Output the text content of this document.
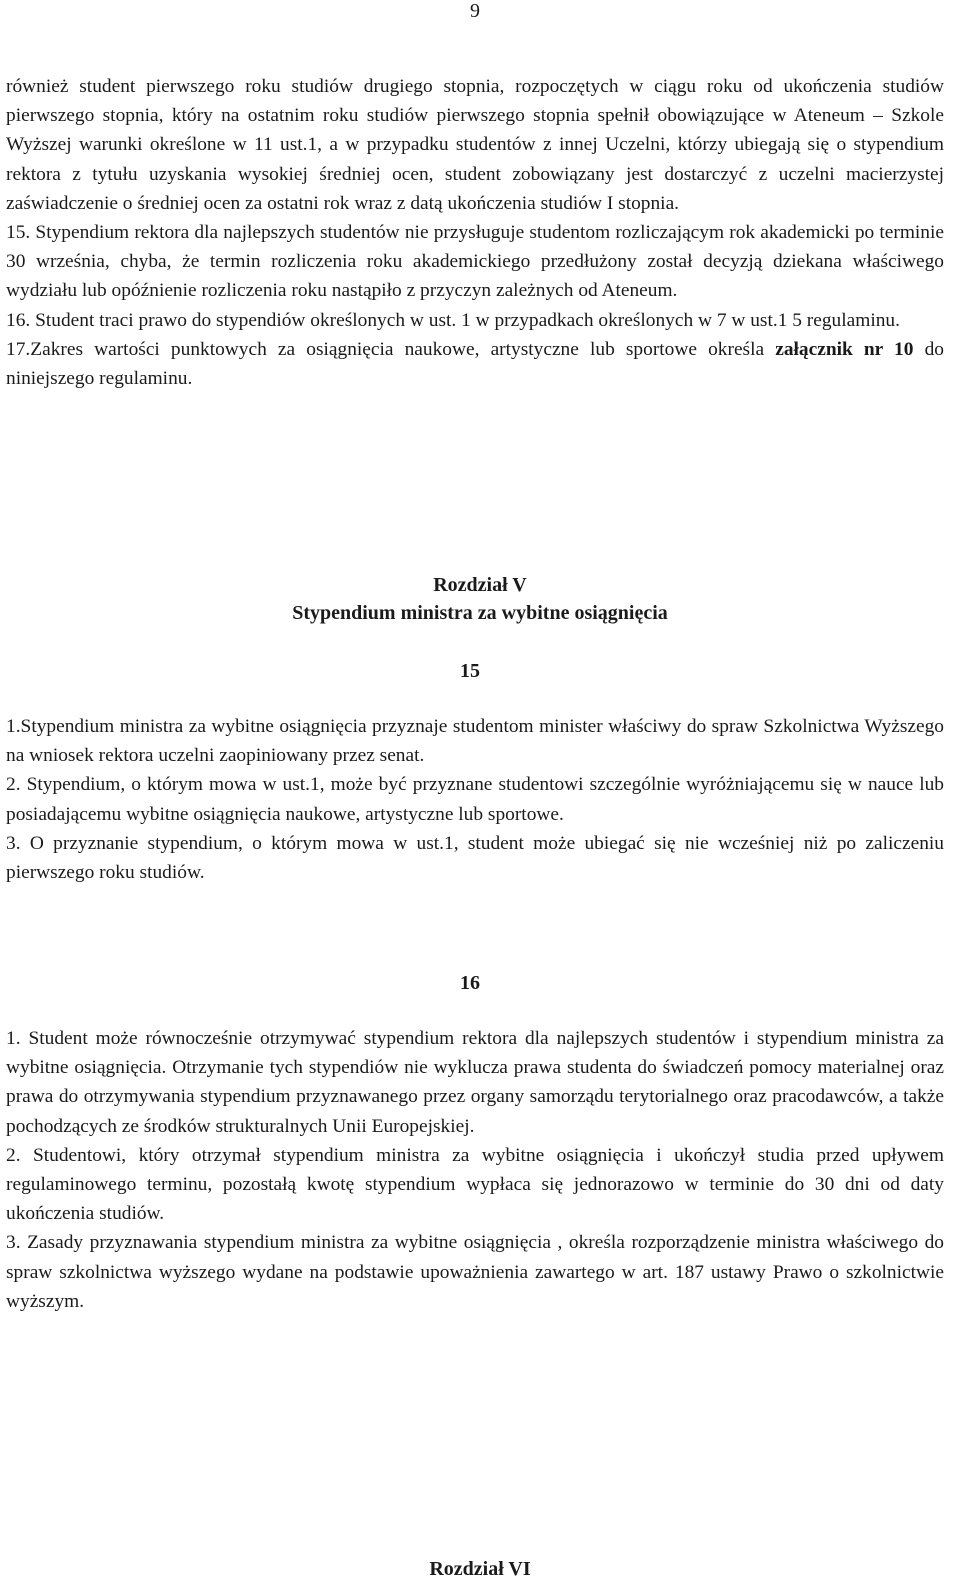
9

również student pierwszego roku studiów drugiego stopnia, rozpoczętych w ciągu roku od ukończenia studiów pierwszego stopnia, który na ostatnim roku studiów pierwszego stopnia spełnił obowiązujące w Ateneum – Szkole Wyższej warunki określone w 11 ust.1, a w przypadku studentów z innej Uczelni, którzy ubiegają się o stypendium rektora z tytułu uzyskania wysokiej średniej ocen, student zobowiązany jest dostarczyć z uczelni macierzystej zaświadczenie o średniej ocen za ostatni rok wraz z datą ukończenia studiów I stopnia.

15. Stypendium rektora dla najlepszych studentów nie przysługuje studentom rozliczającym rok akademicki po terminie 30 września, chyba, że termin rozliczenia roku akademickiego przedłużony został decyzją dziekana właściwego wydziału lub opóźnienie rozliczenia roku nastąpiło z przyczyn zależnych od Ateneum.

16. Student traci prawo do stypendiów określonych w ust. 1 w przypadkach określonych w 7 w ust.1 5 regulaminu.

17.Zakres wartości punktowych za osiągnięcia naukowe, artystyczne lub sportowe określa załącznik nr 10 do niniejszego regulaminu.

Rozdział V
Stypendium ministra za wybitne osiągnięcia
15

1.Stypendium ministra za wybitne osiągnięcia przyznaje studentom minister właściwy do spraw Szkolnictwa Wyższego na wniosek rektora uczelni zaopiniowany przez senat.

2. Stypendium, o którym mowa w ust.1, może być przyznane studentowi szczególnie wyróżniającemu się w nauce lub posiadającemu wybitne osiągnięcia naukowe, artystyczne lub sportowe.

3. O przyznanie stypendium, o którym mowa w ust.1, student może ubiegać się nie wcześniej niż po zaliczeniu pierwszego roku studiów.

16

1. Student może równocześnie otrzymywać stypendium rektora dla najlepszych studentów i stypendium ministra za wybitne osiągnięcia. Otrzymanie tych stypendiów nie wyklucza prawa studenta do świadczeń pomocy materialnej oraz prawa do otrzymywania stypendium przyznawanego przez organy samorządu terytorialnego oraz pracodawców, a także pochodzących ze środków strukturalnych Unii Europejskiej.

2. Studentowi, który otrzymał stypendium ministra za wybitne osiągnięcia i ukończył studia przed upływem regulaminowego terminu, pozostałą kwotę stypendium wypłaca się jednorazowo w terminie do 30 dni od daty ukończenia studiów.

3. Zasady przyznawania stypendium ministra za wybitne osiągnięcia , określa rozporządzenie ministra właściwego do spraw szkolnictwa wyższego wydane na podstawie upoważnienia zawartego w art. 187 ustawy Prawo o szkolnictwie wyższym.

Rozdział VI
